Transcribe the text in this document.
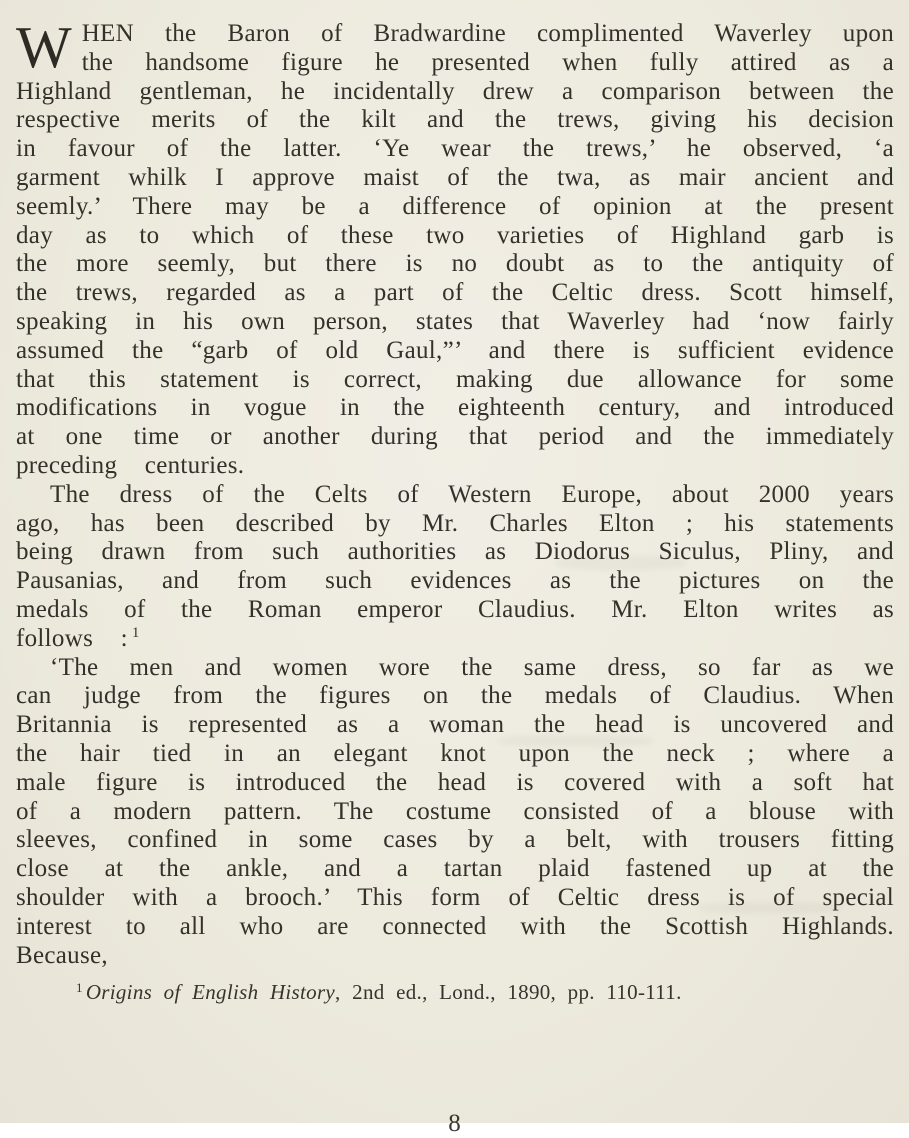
WHEN the Baron of Bradwardine complimented Waverley upon the handsome figure he presented when fully attired as a Highland gentleman, he incidentally drew a comparison between the respective merits of the kilt and the trews, giving his decision in favour of the latter. ‘Ye wear the trews,’ he observed, ‘a garment whilk I approve maist of the twa, as mair ancient and seemly.’ There may be a difference of opinion at the present day as to which of these two varieties of Highland garb is the more seemly, but there is no doubt as to the antiquity of the trews, regarded as a part of the Celtic dress. Scott himself, speaking in his own person, states that Waverley had ‘now fairly assumed the “garb of old Gaul,”’ and there is sufficient evidence that this statement is correct, making due allowance for some modifications in vogue in the eighteenth century, and introduced at one time or another during that period and the immediately preceding centuries.

The dress of the Celts of Western Europe, about 2000 years ago, has been described by Mr. Charles Elton ; his statements being drawn from such authorities as Diodorus Siculus, Pliny, and Pausanias, and from such evidences as the pictures on the medals of the Roman emperor Claudius. Mr. Elton writes as follows : $^1$

‘The men and women wore the same dress, so far as we can judge from the figures on the medals of Claudius. When Britannia is represented as a woman the head is uncovered and the hair tied in an elegant knot upon the neck ; where a male figure is introduced the head is covered with a soft hat of a modern pattern. The costume consisted of a blouse with sleeves, confined in some cases by a belt, with trousers fitting close at the ankle, and a tartan plaid fastened up at the shoulder with a brooch.’ This form of Celtic dress is of special interest to all who are connected with the Scottish Highlands. Because,

$^1$ Origins of English History, 2nd ed., Lond., 1890, pp. 110-111.
8
